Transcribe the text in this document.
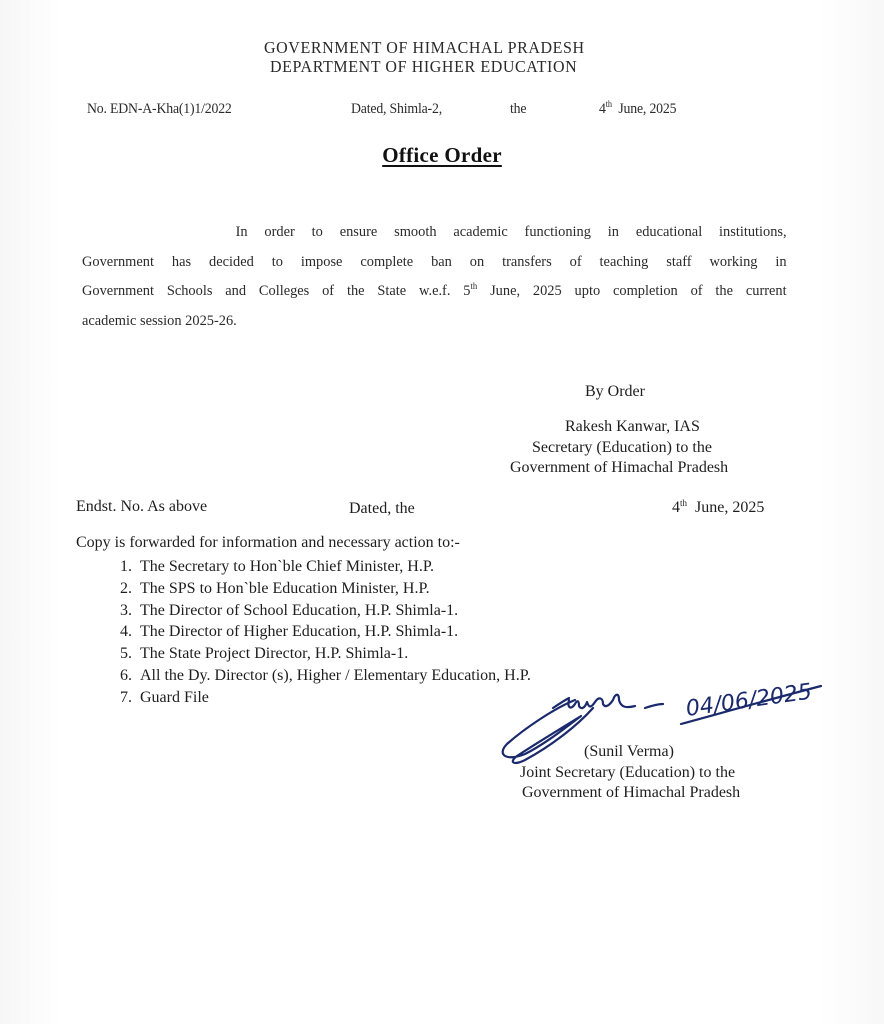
GOVERNMENT OF HIMACHAL PRADESH
DEPARTMENT OF HIGHER EDUCATION
No. EDN-A-Kha(1)1/2022	Dated, Shimla-2,	the	4th June, 2025
Office Order
In order to ensure smooth academic functioning in educational institutions,
Government has decided to impose complete ban on transfers of teaching staff working in
Government Schools and Colleges of the State w.e.f. 5th June, 2025 upto completion of the current
academic session 2025-26.
By Order
Rakesh Kanwar, IAS
Secretary (Education) to the
Government of Himachal Pradesh
Endst. No. As above	Dated, the	4th June, 2025
Copy is forwarded for information and necessary action to:-
1. The Secretary to Hon`ble Chief Minister, H.P.
2. The SPS to Hon`ble Education Minister, H.P.
3. The Director of School Education, H.P. Shimla-1.
4. The Director of Higher Education, H.P. Shimla-1.
5. The State Project Director, H.P. Shimla-1.
6. All the Dy. Director (s), Higher / Elementary Education, H.P.
7. Guard File	04/06/2025
(Sunil Verma)
Joint Secretary (Education) to the
Government of Himachal Pradesh
